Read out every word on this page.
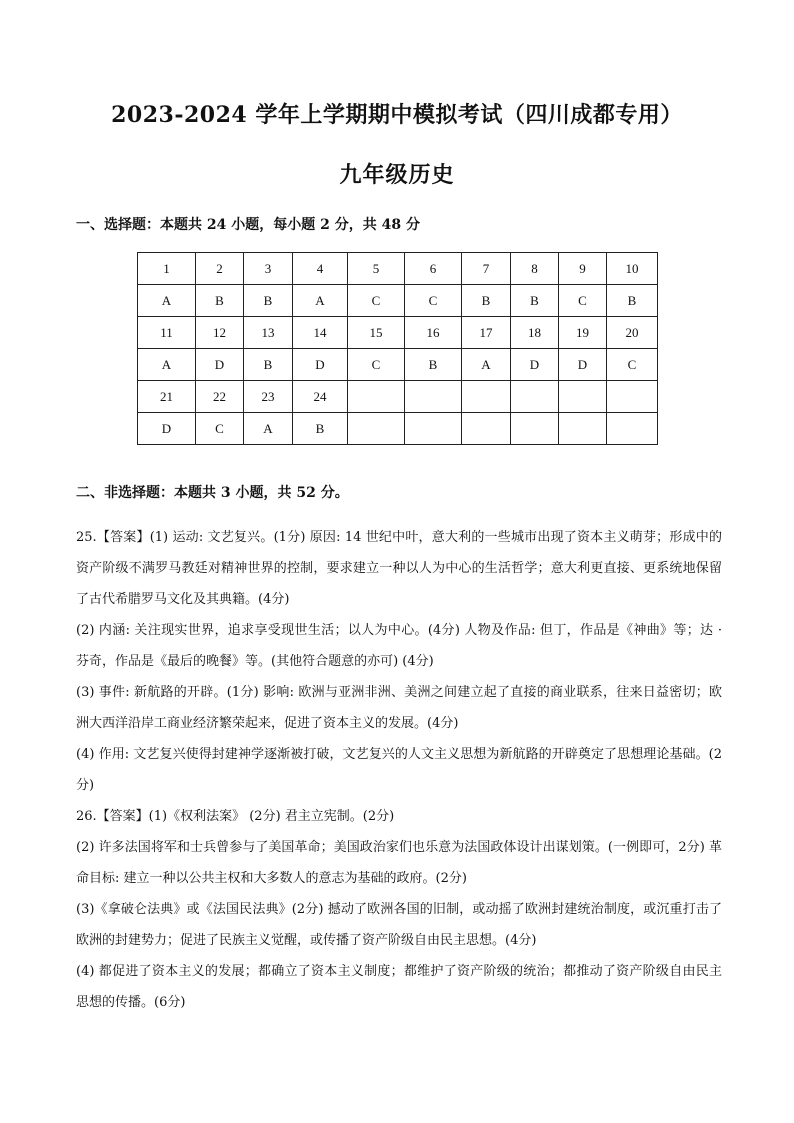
2023-2024 学年上学期期中模拟考试（四川成都专用）
九年级历史
一、选择题：本题共 24 小题，每小题 2 分，共 48 分
1	2	3	4	5	6	7	8	9	10
A	B	B	A	C	C	B	B	C	B
11	12	13	14	15	16	17	18	19	20
A	D	B	D	C	B	A	D	D	C
21	22	23	24						
D	C	A	B						
二、非选择题：本题共 3 小题，共 52 分。

25.【答案】(1) 运动: 文艺复兴。(1分) 原因: 14 世纪中叶，意大利的一些城市出现了资本主义萌芽；形成中的资产阶级不满罗马教廷对精神世界的控制，要求建立一种以人为中心的生活哲学；意大利更直接、更系统地保留了古代希腊罗马文化及其典籍。(4分)

(2) 内涵: 关注现实世界，追求享受现世生活；以人为中心。(4分) 人物及作品: 但丁，作品是《神曲》等；达 · 芬奇，作品是《最后的晚餐》等。(其他符合题意的亦可) (4分)

(3) 事件: 新航路的开辟。(1分) 影响: 欧洲与亚洲非洲、美洲之间建立起了直接的商业联系，往来日益密切；欧洲大西洋沿岸工商业经济繁荣起来，促进了资本主义的发展。(4分)

(4) 作用: 文艺复兴使得封建神学逐渐被打破，文艺复兴的人文主义思想为新航路的开辟奠定了思想理论基础。(2分)

26.【答案】(1)《权利法案》 (2分) 君主立宪制。(2分)

(2) 许多法国将军和士兵曾参与了美国革命；美国政治家们也乐意为法国政体设计出谋划策。(一例即可，2分) 革命目标: 建立一种以公共主权和大多数人的意志为基础的政府。(2分)

(3)《拿破仑法典》或《法国民法典》(2分) 撼动了欧洲各国的旧制，或动摇了欧洲封建统治制度，或沉重打击了欧洲的封建势力；促进了民族主义觉醒，或传播了资产阶级自由民主思想。(4分)

(4) 都促进了资本主义的发展；都确立了资本主义制度；都维护了资产阶级的统治；都推动了资产阶级自由民主思想的传播。(6分)
